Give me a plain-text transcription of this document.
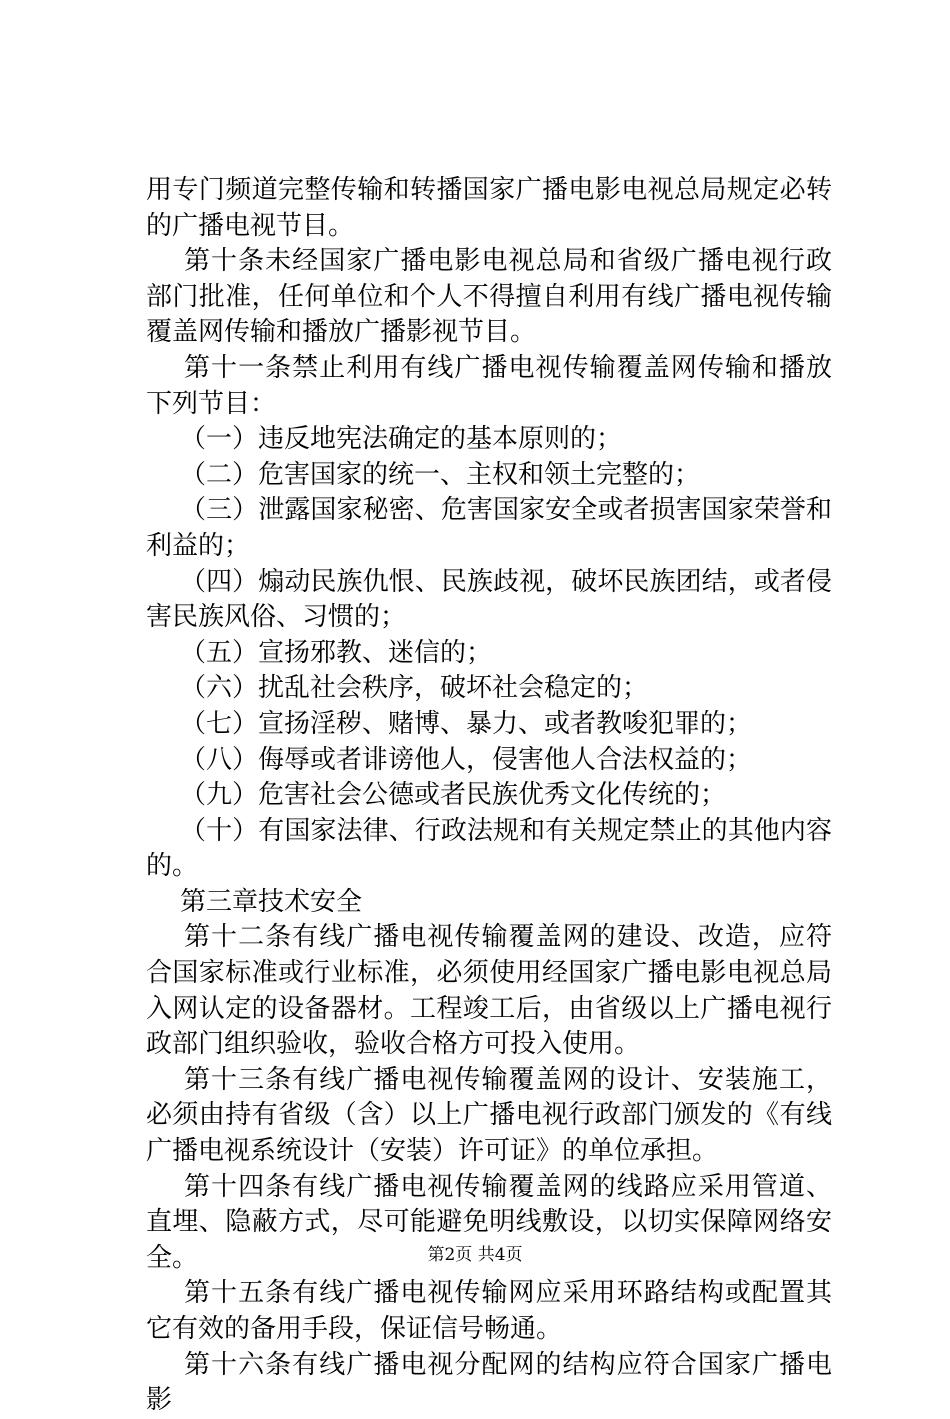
用专门频道完整传输和转播国家广播电影电视总局规定必转的广播电视节目。

第十条未经国家广播电影电视总局和省级广播电视行政部门批准，任何单位和个人不得擅自利用有线广播电视传输覆盖网传输和播放广播影视节目。

第十一条禁止利用有线广播电视传输覆盖网传输和播放下列节目：

（一）违反地宪法确定的基本原则的；

（二）危害国家的统一、主权和领土完整的；

（三）泄露国家秘密、危害国家安全或者损害国家荣誉和利益的；

（四）煽动民族仇恨、民族歧视，破坏民族团结，或者侵害民族风俗、习惯的；

（五）宣扬邪教、迷信的；

（六）扰乱社会秩序，破坏社会稳定的；

（七）宣扬淫秽、赌博、暴力、或者教唆犯罪的；

（八）侮辱或者诽谤他人，侵害他人合法权益的；

（九）危害社会公德或者民族优秀文化传统的；

（十）有国家法律、行政法规和有关规定禁止的其他内容的。

第三章技术安全

第十二条有线广播电视传输覆盖网的建设、改造，应符合国家标准或行业标准，必须使用经国家广播电影电视总局入网认定的设备器材。工程竣工后，由省级以上广播电视行政部门组织验收，验收合格方可投入使用。

第十三条有线广播电视传输覆盖网的设计、安装施工，必须由持有省级（含）以上广播电视行政部门颁发的《有线广播电视系统设计（安装）许可证》的单位承担。

第十四条有线广播电视传输覆盖网的线路应采用管道、直埋、隐蔽方式，尽可能避免明线敷设，以切实保障网络安全。

第十五条有线广播电视传输网应采用环路结构或配置其它有效的备用手段，保证信号畅通。

第十六条有线广播电视分配网的结构应符合国家广播电影

第2页 共4页
